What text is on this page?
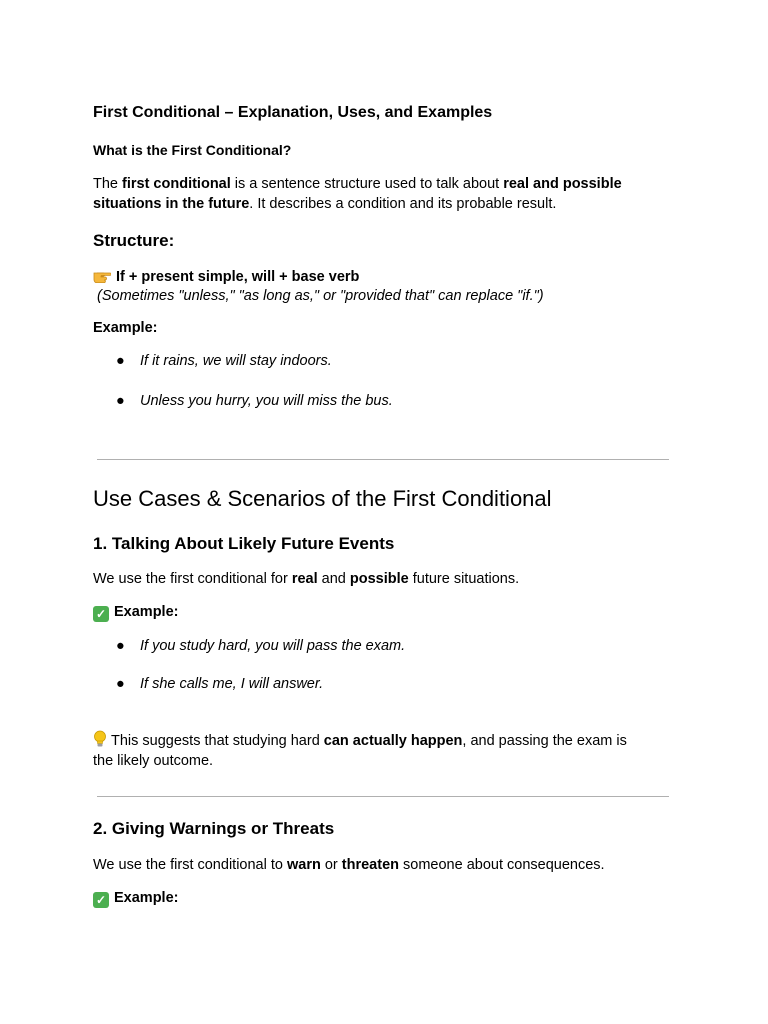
First Conditional – Explanation, Uses, and Examples
What is the First Conditional?

The first conditional is a sentence structure used to talk about real and possible
situations in the future. It describes a condition and its probable result.

Structure:

If + present simple, will + base verb

(Sometimes "unless," "as long as," or "provided that" can replace "if.")

Example:

● If it rains, we will stay indoors.
● Unless you hurry, you will miss the bus.
Use Cases & Scenarios of the First Conditional
1. Talking About Likely Future Events

We use the first conditional for real and possible future situations.

✓ Example:

● If you study hard, you will pass the exam.
● If she calls me, I will answer.

This suggests that studying hard can actually happen, and passing the exam is
the likely outcome.

2. Giving Warnings or Threats

We use the first conditional to warn or threaten someone about consequences.

✓ Example:
